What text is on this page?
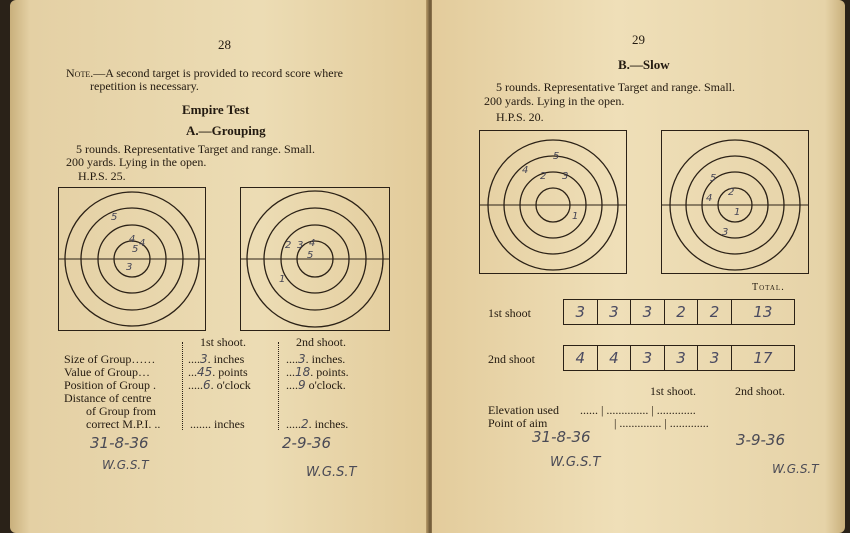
28
Note.—A second target is provided to record score where
repetition is necessary.
Empire Test
A.—Grouping
5 rounds. Representative Target and range. Small.
200 yards. Lying in the open.
H.P.S. 25.
5
4 4
3
5	2 3 4
5
1
1st shoot.	2nd shoot.
Size of Group……	....3. inches	....3. inches.
Value of Group…	...45. points	...18. points.
Position of Group .	.....6. o'clock	....9 o'clock.
Distance of centre
of Group from
correct M.P.I. .. ....... inches	.....2. inches.
31-8-36	2-9-36
W.G.S.T	W.G.S.T
29
B.—Slow
5 rounds. Representative Target and range. Small.
200 yards. Lying in the open.
H.P.S. 20.
5
4
2 3
1
5
4
2
1
3
Total.
1st shoot	3	3	3	2	2	13
2nd shoot	4	4	3	3	3	17
1st shoot.	2nd shoot.
Elevation used ...... | .............. | .............
Point of aim	| .............. | .............
31-8-36	3-9-36
W.G.S.T	W.G.S.T
